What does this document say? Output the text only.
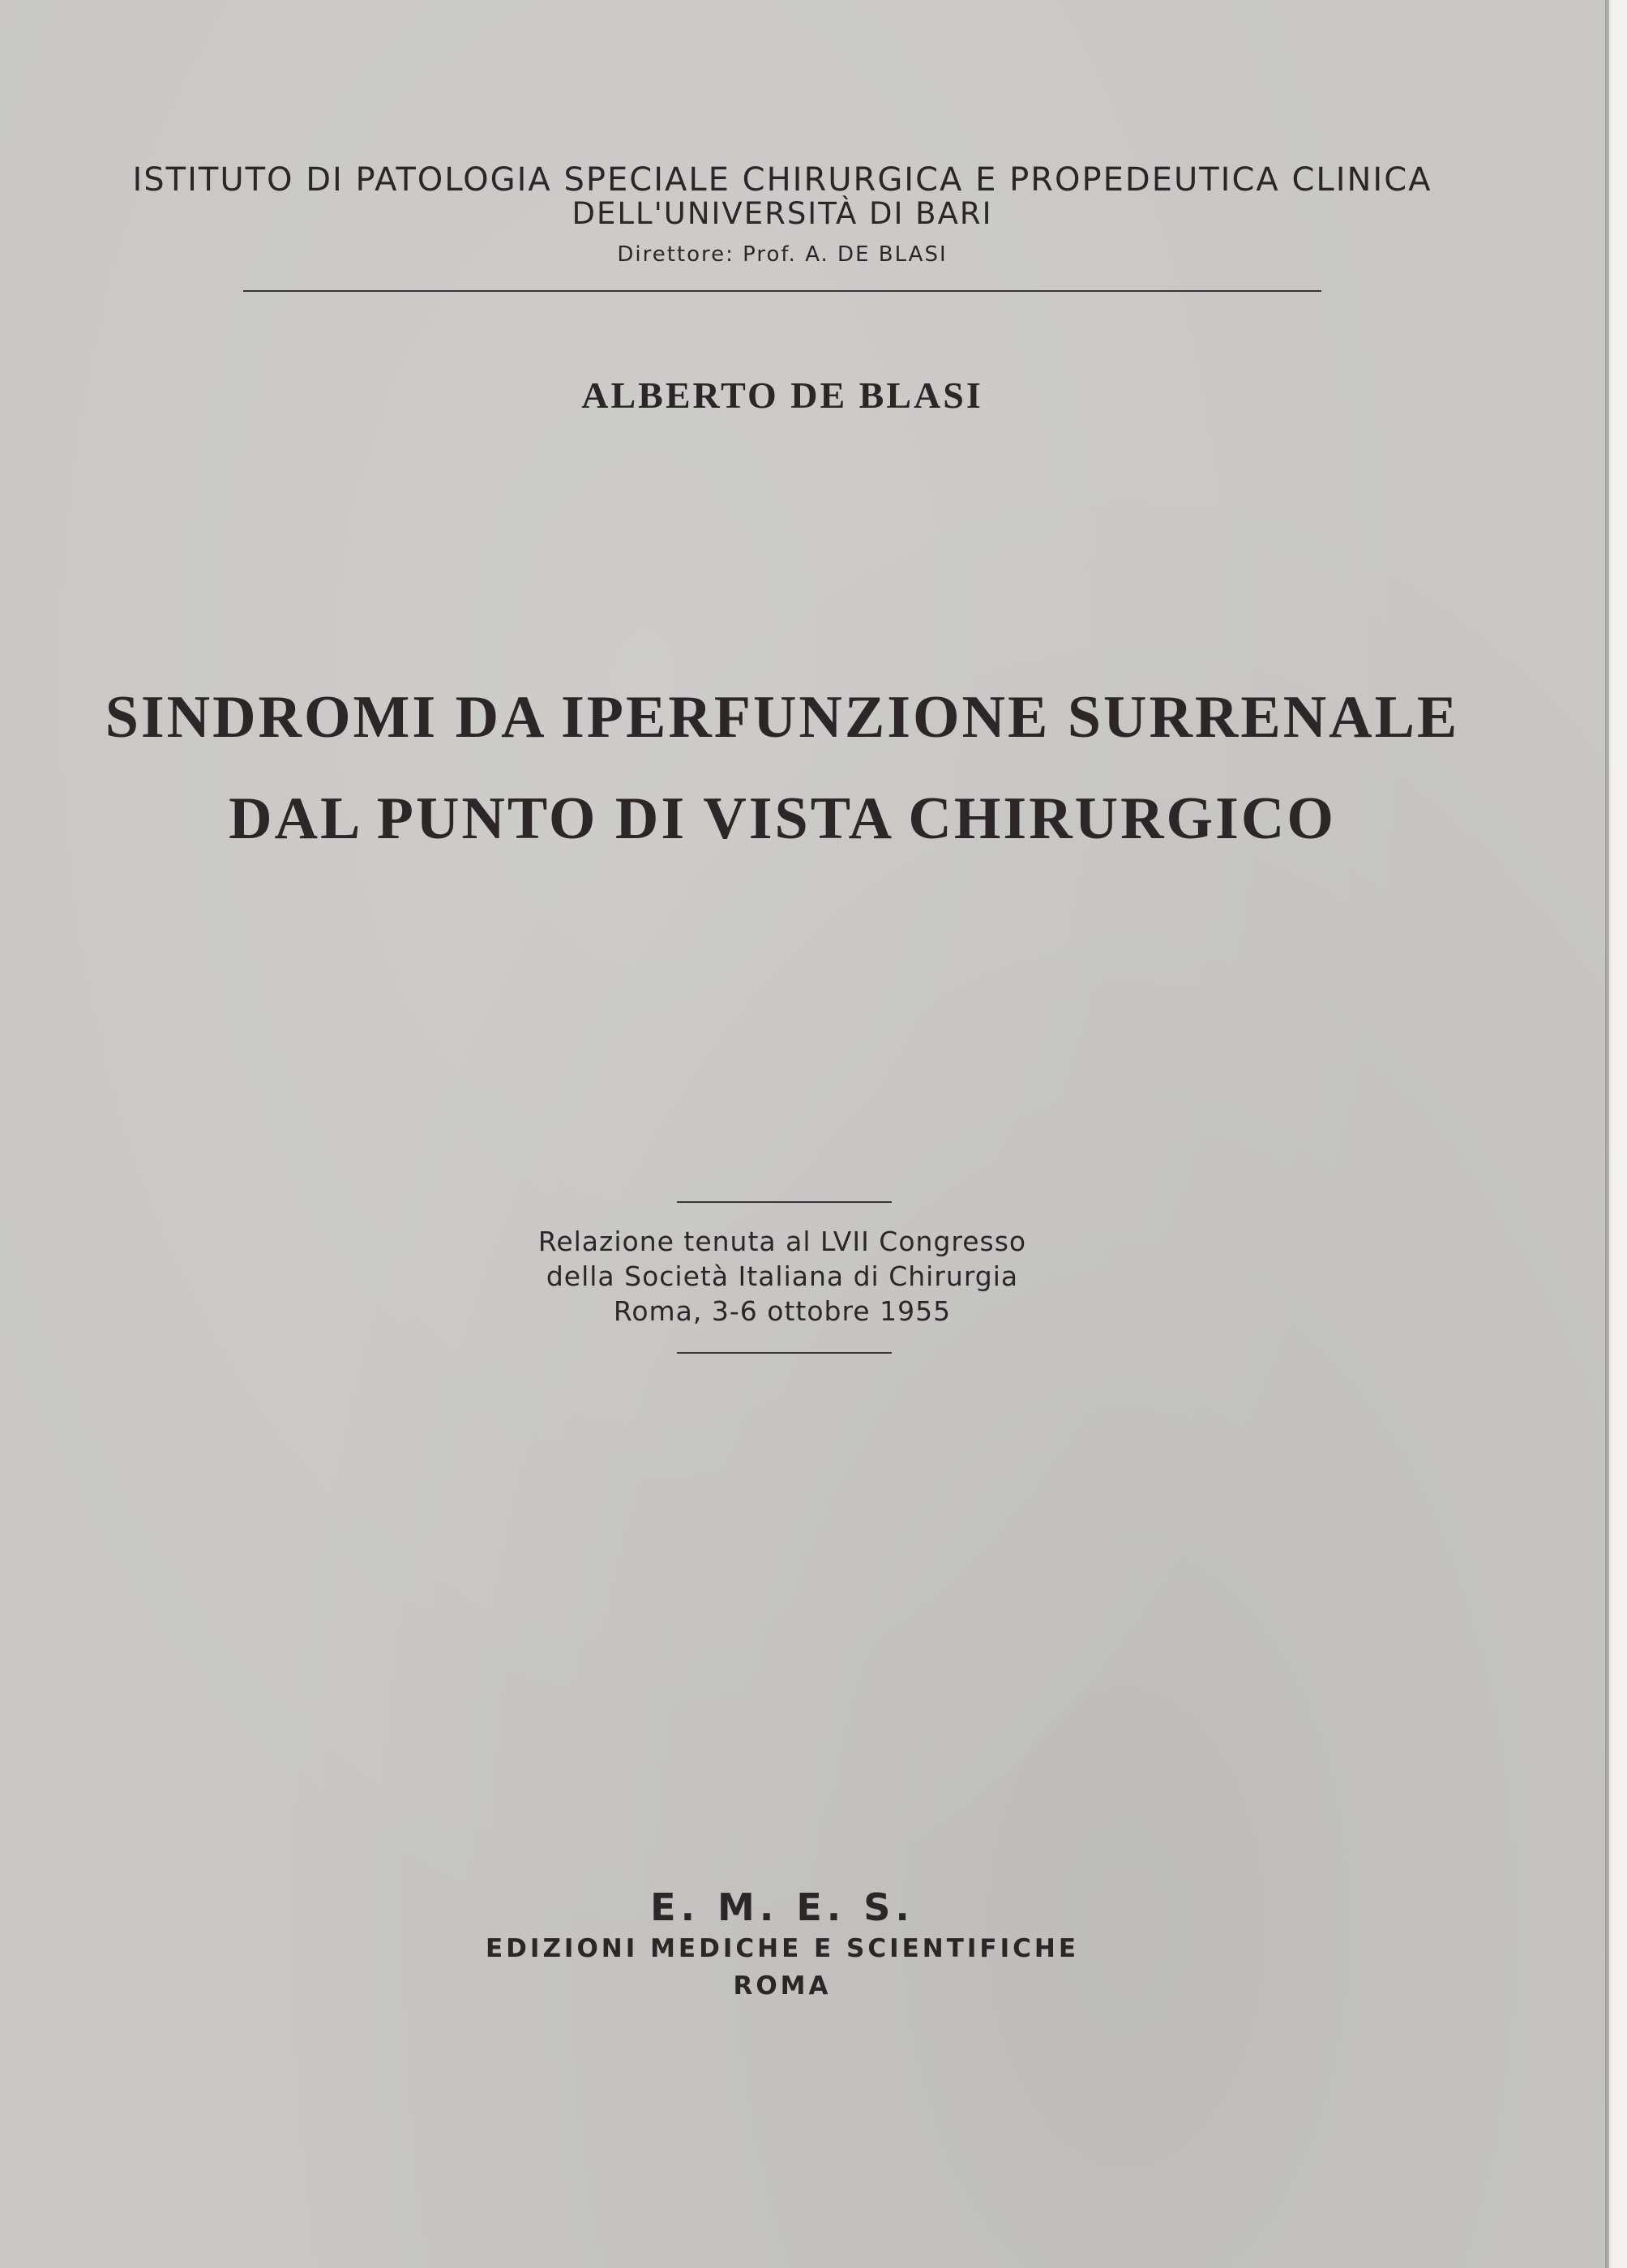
ISTITUTO DI PATOLOGIA SPECIALE CHIRURGICA E PROPEDEUTICA CLINICA
DELL'UNIVERSITÀ DI BARI
Direttore: Prof. A. DE BLASI
ALBERTO DE BLASI
SINDROMI DA IPERFUNZIONE SURRENALE
DAL PUNTO DI VISTA CHIRURGICO
Relazione tenuta al LVII Congresso
della Società Italiana di Chirurgia
Roma, 3-6 ottobre 1955
E. M. E. S.
EDIZIONI MEDICHE E SCIENTIFICHE
ROMA
